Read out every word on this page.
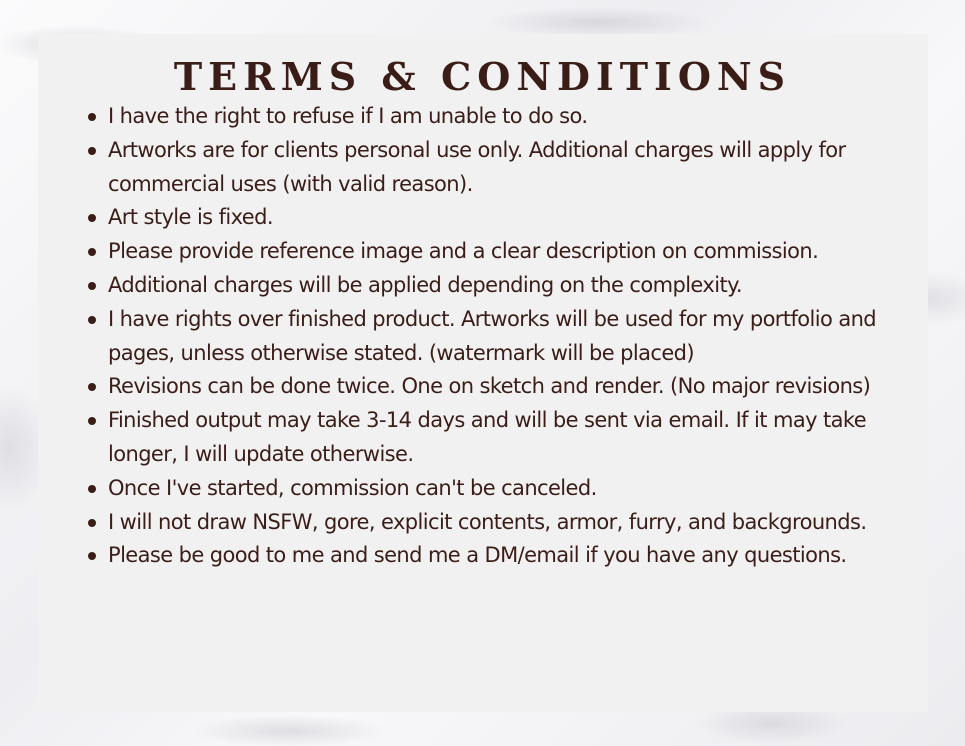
TERMS & CONDITIONS
I have the right to refuse if I am unable to do so.
Artworks are for clients personal use only. Additional charges will apply for commercial uses (with valid reason).
Art style is fixed.
Please provide reference image and a clear description on commission.
Additional charges will be applied depending on the complexity.
I have rights over finished product. Artworks will be used for my portfolio and pages, unless otherwise stated. (watermark will be placed)
Revisions can be done twice. One on sketch and render. (No major revisions)
Finished output may take 3-14 days and will be sent via email. If it may take longer, I will update otherwise.
Once I've started, commission can't be canceled.
I will not draw NSFW, gore, explicit contents, armor, furry, and backgrounds.
Please be good to me and send me a DM/email if you have any questions.
